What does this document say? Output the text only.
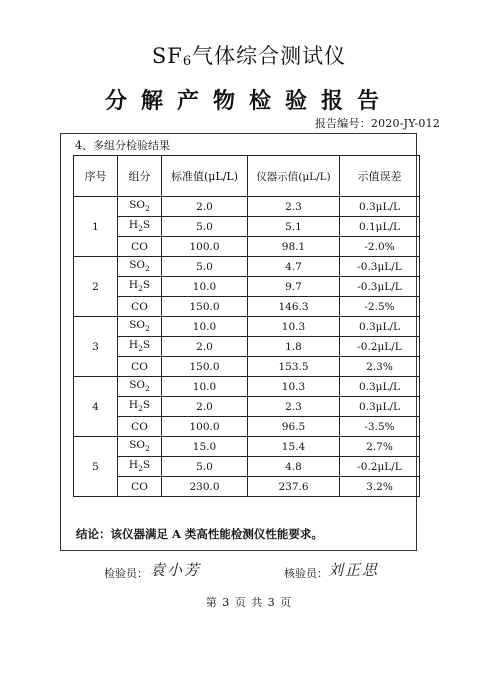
$SF_6$气体综合测试仪
分解产物检验报告
报告编号：2020-JY-012
4、多组分检验结果
序号	组分	标准值(μL/L)	仪器示值(μL/L)	示值误差
1	$SO_2$	2.0	2.3	0.3μL/L
	$H_2S$	5.0	5.1	0.1μL/L
	CO	100.0	98.1	-2.0%
2	$SO_2$	5.0	4.7	-0.3μL/L
	$H_2S$	10.0	9.7	-0.3μL/L
	CO	150.0	146.3	-2.5%
3	$SO_2$	10.0	10.3	0.3μL/L
	$H_2S$	2.0	1.8	-0.2μL/L
	CO	150.0	153.5	2.3%
4	$SO_2$	10.0	10.3	0.3μL/L
	$H_2S$	2.0	2.3	0.3μL/L
	CO	100.0	96.5	-3.5%
5	$SO_2$	15.0	15.4	2.7%
	$H_2S$	5.0	4.8	-0.2μL/L
	CO	230.0	237.6	3.2%
结论：该仪器满足 A 类高性能检测仪性能要求。
检验员： 袁小芳	核验员： 刘正思
第 3 页 共 3 页
